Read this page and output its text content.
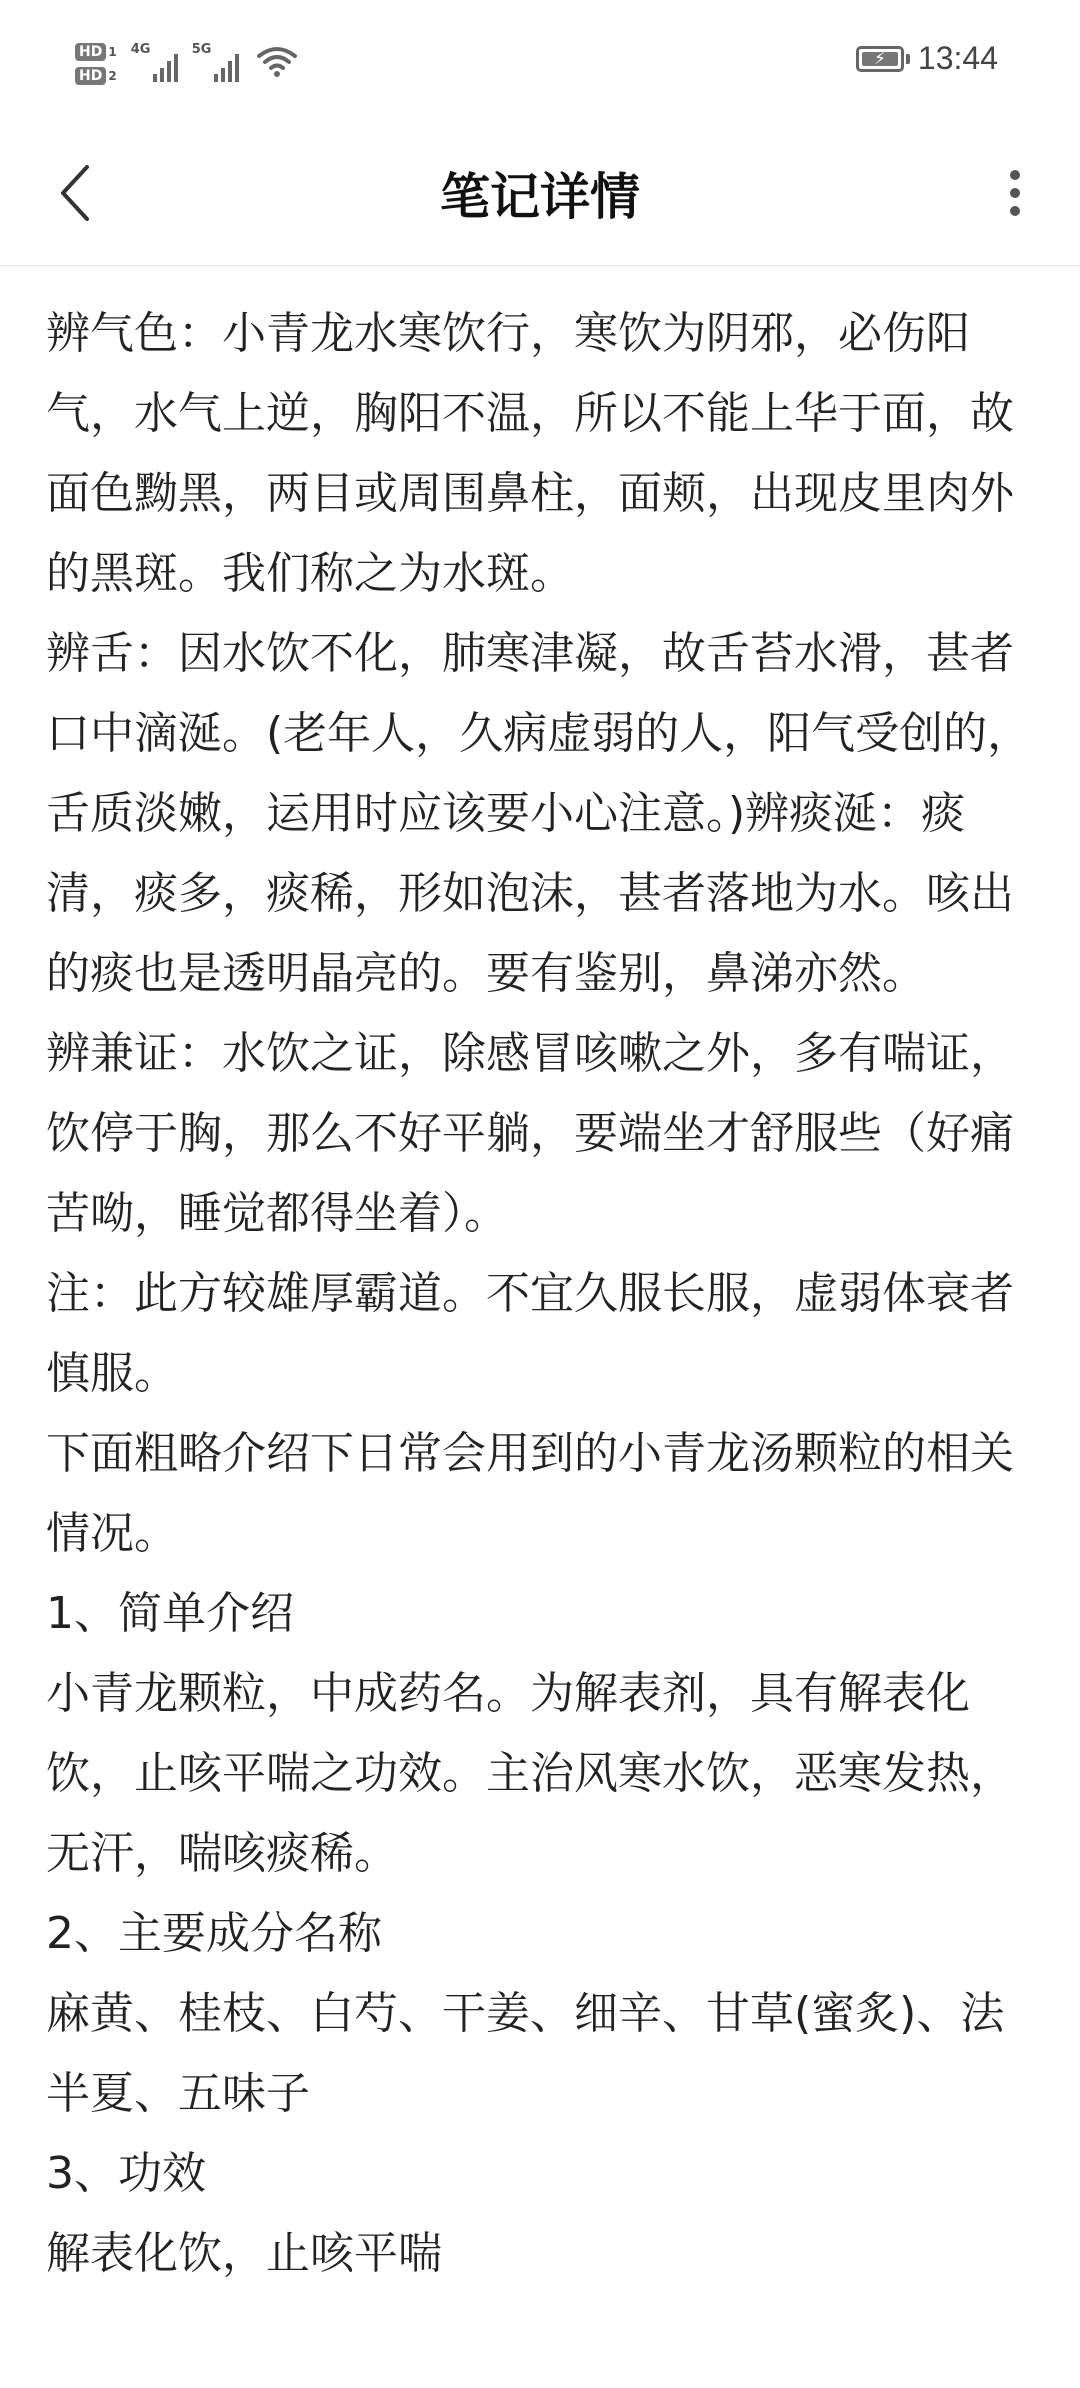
HD 1
HD 2
4G	5G	⚡	13:44
笔记详情

辨气色：小青龙水寒饮行，寒饮为阴邪，必伤阳气，水气上逆，胸阳不温，所以不能上华于面，故面色黝黑，两目或周围鼻柱，面颊，出现皮里肉外的黑斑。我们称之为水斑。

辨舌：因水饮不化，肺寒津凝，故舌苔水滑，甚者口中滴涎。(老年人，久病虚弱的人，阳气受创的，舌质淡嫩，运用时应该要小心注意。)辨痰涎：痰清，痰多，痰稀，形如泡沫，甚者落地为水。咳出的痰也是透明晶亮的。要有鉴别，鼻涕亦然。

辨兼证：水饮之证，除感冒咳嗽之外，多有喘证，饮停于胸，那么不好平躺，要端坐才舒服些（好痛苦呦，睡觉都得坐着）。

注：此方较雄厚霸道。不宜久服长服，虚弱体衰者慎服。

下面粗略介绍下日常会用到的小青龙汤颗粒的相关情况。

1、简单介绍

小青龙颗粒，中成药名。为解表剂，具有解表化饮，止咳平喘之功效。主治风寒水饮，恶寒发热，无汗，喘咳痰稀。

2、主要成分名称

麻黄、桂枝、白芍、干姜、细辛、甘草(蜜炙)、法半夏、五味子

3、功效

解表化饮，止咳平喘
